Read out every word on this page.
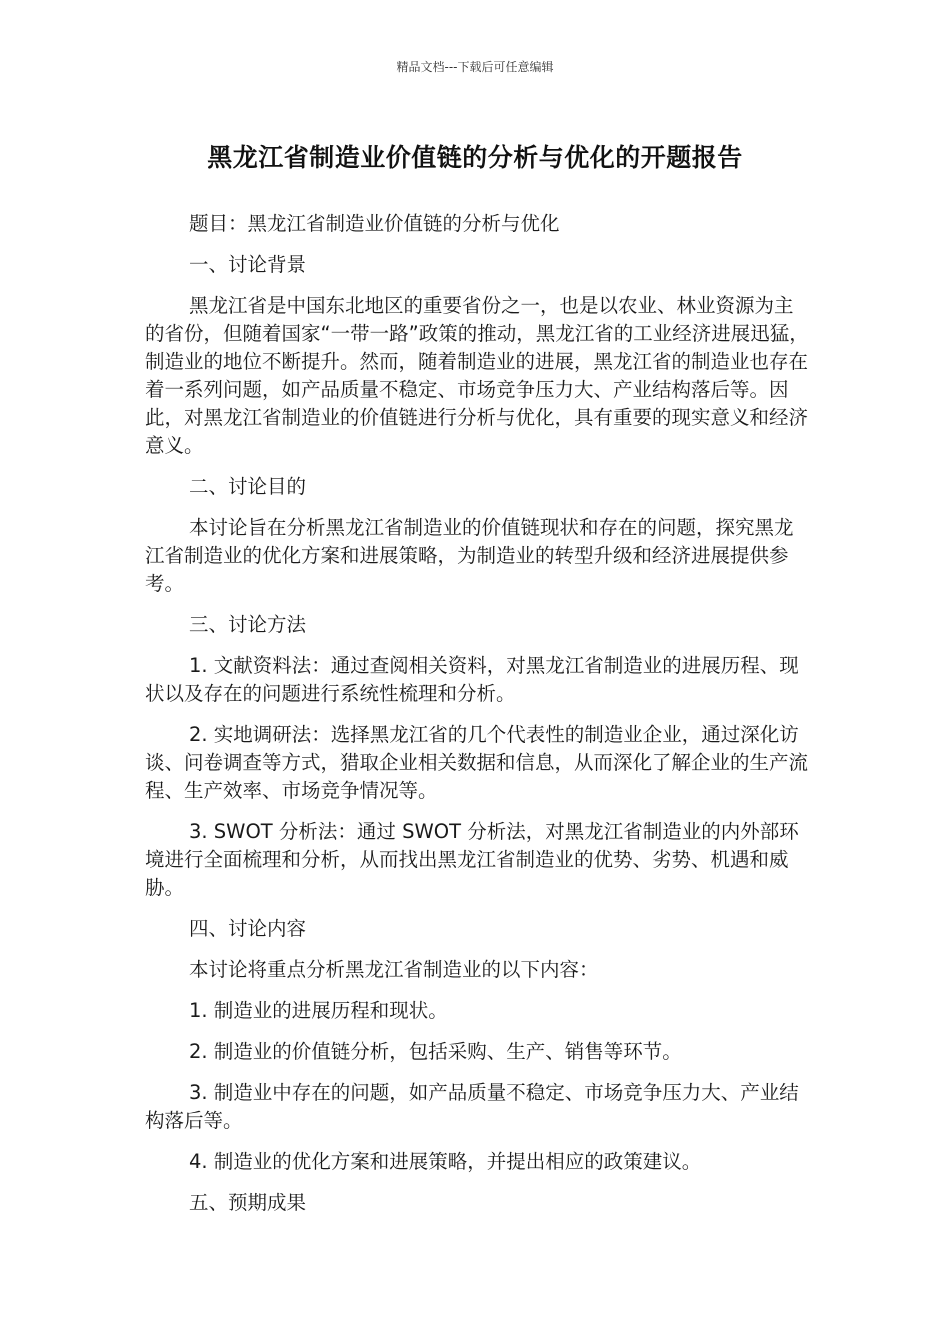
精品文档---下载后可任意编辑
黑龙江省制造业价值链的分析与优化的开题报告

题目：黑龙江省制造业价值链的分析与优化

一、讨论背景

黑龙江省是中国东北地区的重要省份之一，也是以农业、林业资源为主的省份，但随着国家“一带一路”政策的推动，黑龙江省的工业经济进展迅猛，制造业的地位不断提升。然而，随着制造业的进展，黑龙江省的制造业也存在着一系列问题，如产品质量不稳定、市场竞争压力大、产业结构落后等。因此，对黑龙江省制造业的价值链进行分析与优化，具有重要的现实意义和经济意义。

二、讨论目的

本讨论旨在分析黑龙江省制造业的价值链现状和存在的问题，探究黑龙江省制造业的优化方案和进展策略，为制造业的转型升级和经济进展提供参考。

三、讨论方法

1. 文献资料法：通过查阅相关资料，对黑龙江省制造业的进展历程、现状以及存在的问题进行系统性梳理和分析。

2. 实地调研法：选择黑龙江省的几个代表性的制造业企业，通过深化访谈、问卷调查等方式，猎取企业相关数据和信息，从而深化了解企业的生产流程、生产效率、市场竞争情况等。

3. SWOT 分析法：通过 SWOT 分析法，对黑龙江省制造业的内外部环境进行全面梳理和分析，从而找出黑龙江省制造业的优势、劣势、机遇和威胁。

四、讨论内容

本讨论将重点分析黑龙江省制造业的以下内容：

1. 制造业的进展历程和现状。

2. 制造业的价值链分析，包括采购、生产、销售等环节。

3. 制造业中存在的问题，如产品质量不稳定、市场竞争压力大、产业结构落后等。

4. 制造业的优化方案和进展策略，并提出相应的政策建议。

五、预期成果
